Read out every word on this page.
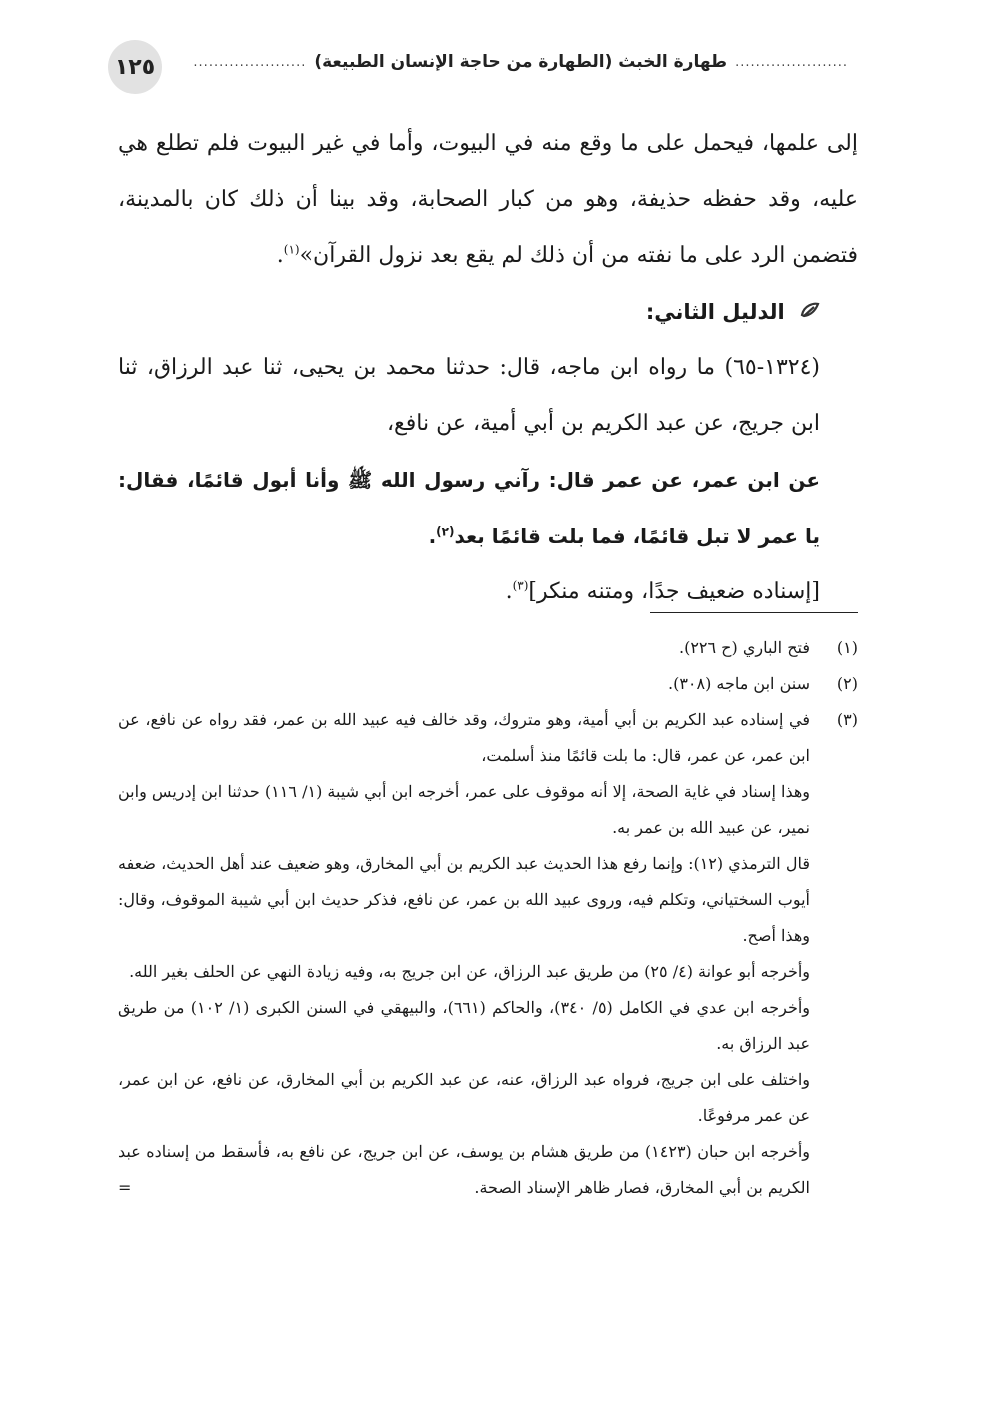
١٢٥	......................
طهارة الخبث (الطهارة من حاجة الإنسان الطبيعة)
......................

إلى علمها، فيحمل على ما وقع منه في البيوت، وأما في غير البيوت فلم تطلع هي عليه، وقد حفظه حذيفة، وهو من كبار الصحابة، وقد بينا أن ذلك كان بالمدينة، فتضمن الرد على ما نفته من أن ذلك لم يقع بعد نزول القرآن»$^{(١)}$.

الدليل الثاني:

(١٣٢٤-٦٥) ما رواه ابن ماجه، قال: حدثنا محمد بن يحيى، ثنا عبد الرزاق، ثنا ابن جريج، عن عبد الكريم بن أبي أمية، عن نافع،

عن ابن عمر، عن عمر قال: رآني رسول الله ﷺ وأنا أبول قائمًا، فقال: يا عمر لا تبل قائمًا، فما بلت قائمًا بعد$^{(٢)}$.

[إسناده ضعيف جدًا، ومتنه منكر]$^{(٣)}$.

(١)

فتح الباري (ح ٢٢٦).

(٢)

سنن ابن ماجه (٣٠٨).

(٣)

في إسناده عبد الكريم بن أبي أمية، وهو متروك، وقد خالف فيه عبيد الله بن عمر، فقد رواه عن نافع، عن ابن عمر، عن عمر، قال: ما بلت قائمًا منذ أسلمت،

وهذا إسناد في غاية الصحة، إلا أنه موقوف على عمر، أخرجه ابن أبي شيبة (١/ ١١٦) حدثنا ابن إدريس وابن نمير، عن عبيد الله بن عمر به.

قال الترمذي (١٢): وإنما رفع هذا الحديث عبد الكريم بن أبي المخارق، وهو ضعيف عند أهل الحديث، ضعفه أيوب السختياني، وتكلم فيه، وروى عبيد الله بن عمر، عن نافع، فذكر حديث ابن أبي شيبة الموقوف، وقال: وهذا أصح.

وأخرجه أبو عوانة (٤/ ٢٥) من طريق عبد الرزاق، عن ابن جريج به، وفيه زيادة النهي عن الحلف بغير الله.

وأخرجه ابن عدي في الكامل (٥/ ٣٤٠)، والحاكم (٦٦١)، والبيهقي في السنن الكبرى (١/ ١٠٢) من طريق عبد الرزاق به.

واختلف على ابن جريج، فرواه عبد الرزاق، عنه، عن عبد الكريم بن أبي المخارق، عن نافع، عن ابن عمر، عن عمر مرفوعًا.

وأخرجه ابن حبان (١٤٢٣) من طريق هشام بن يوسف، عن ابن جريج، عن نافع به، فأسقط من إسناده عبد الكريم بن أبي المخارق، فصار ظاهر الإسناد الصحة.

=
